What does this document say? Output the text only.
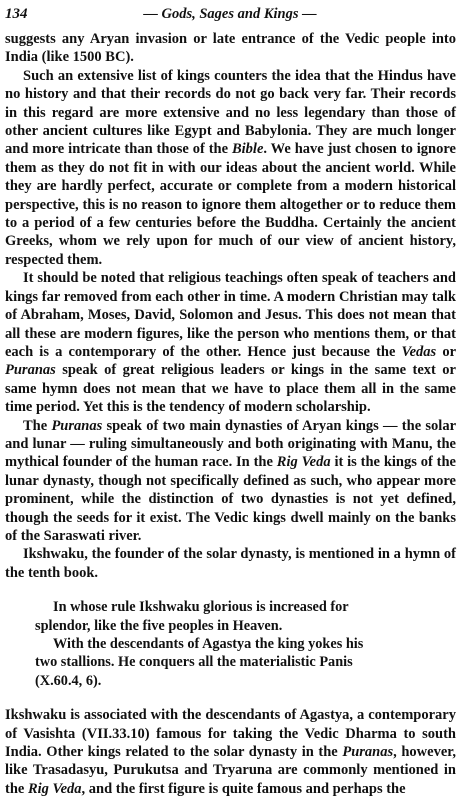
134	— Gods, Sages and Kings —

suggests any Aryan invasion or late entrance of the Vedic people into India (like 1500 BC).

Such an extensive list of kings counters the idea that the Hindus have no history and that their records do not go back very far. Their records in this regard are more extensive and no less legendary than those of other ancient cultures like Egypt and Babylonia. They are much longer and more intricate than those of the Bible. We have just chosen to ignore them as they do not fit in with our ideas about the ancient world. While they are hardly perfect, accurate or complete from a modern historical perspective, this is no reason to ignore them altogether or to reduce them to a period of a few centuries before the Buddha. Certainly the ancient Greeks, whom we rely upon for much of our view of ancient history, respected them.

It should be noted that religious teachings often speak of teachers and kings far removed from each other in time. A modern Christian may talk of Abraham, Moses, David, Solomon and Jesus. This does not mean that all these are modern figures, like the person who mentions them, or that each is a contemporary of the other. Hence just because the Vedas or Puranas speak of great religious leaders or kings in the same text or same hymn does not mean that we have to place them all in the same time period. Yet this is the tendency of modern scholarship.

The Puranas speak of two main dynasties of Aryan kings — the solar and lunar — ruling simultaneously and both originating with Manu, the mythical founder of the human race. In the Rig Veda it is the kings of the lunar dynasty, though not specifically defined as such, who appear more prominent, while the distinction of two dynasties is not yet defined, though the seeds for it exist. The Vedic kings dwell mainly on the banks of the Saraswati river.

Ikshwaku, the founder of the solar dynasty, is mentioned in a hymn of the tenth book.

In whose rule Ikshwaku glorious is increased for
splendor, like the five peoples in Heaven.

With the descendants of Agastya the king yokes his
two stallions. He conquers all the materialistic Panis
(X.60.4, 6).

Ikshwaku is associated with the descendants of Agastya, a contemporary of Vasishta (VII.33.10) famous for taking the Vedic Dharma to south India. Other kings related to the solar dynasty in the Puranas, however, like Trasadasyu, Purukutsa and Tryaruna are commonly mentioned in the Rig Veda, and the first figure is quite famous and perhaps the
